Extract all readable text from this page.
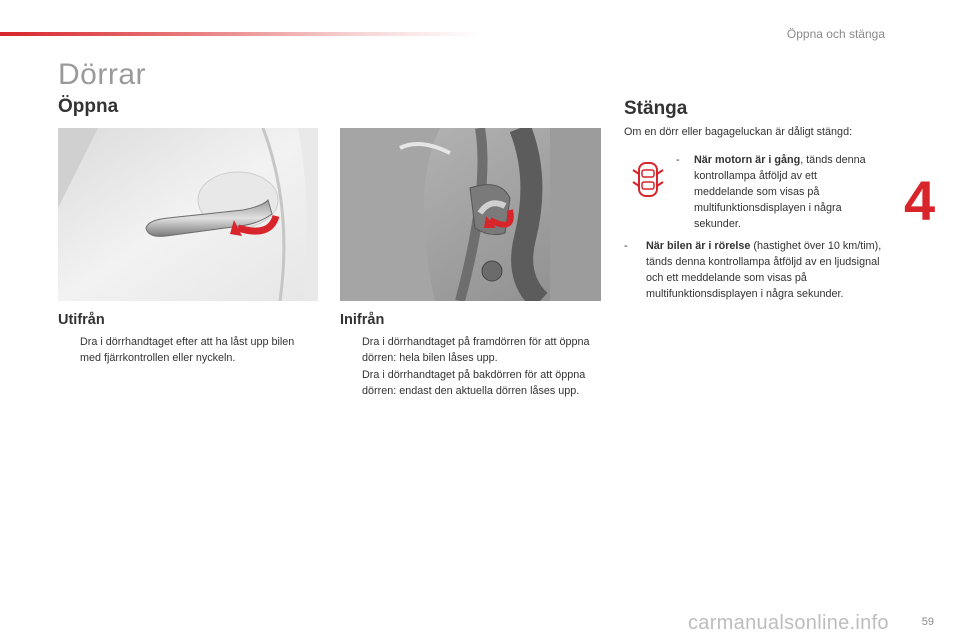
Öppna och stänga
Dörrar
Öppna	Stänga
Utifrån	Inifrån
Dra i dörrhandtaget efter att ha låst upp bilen med fjärrkontrollen eller nyckeln.
Dra i dörrhandtaget på framdörren för att öppna dörren: hela bilen låses upp.
Dra i dörrhandtaget på bakdörren för att öppna dörren: endast den aktuella dörren låses upp.
Om en dörr eller bagageluckan är dåligt stängd:
-	När motorn är i gång, tänds denna kontrollampa åtföljd av ett meddelande som visas på multifunktionsdisplayen i några sekunder.
-	När bilen är i rörelse (hastighet över 10 km/tim), tänds denna kontrollampa åtföljd av en ljudsignal och ett meddelande som visas på multifunktionsdisplayen i några sekunder.
4
carmanualsonline.info	59
